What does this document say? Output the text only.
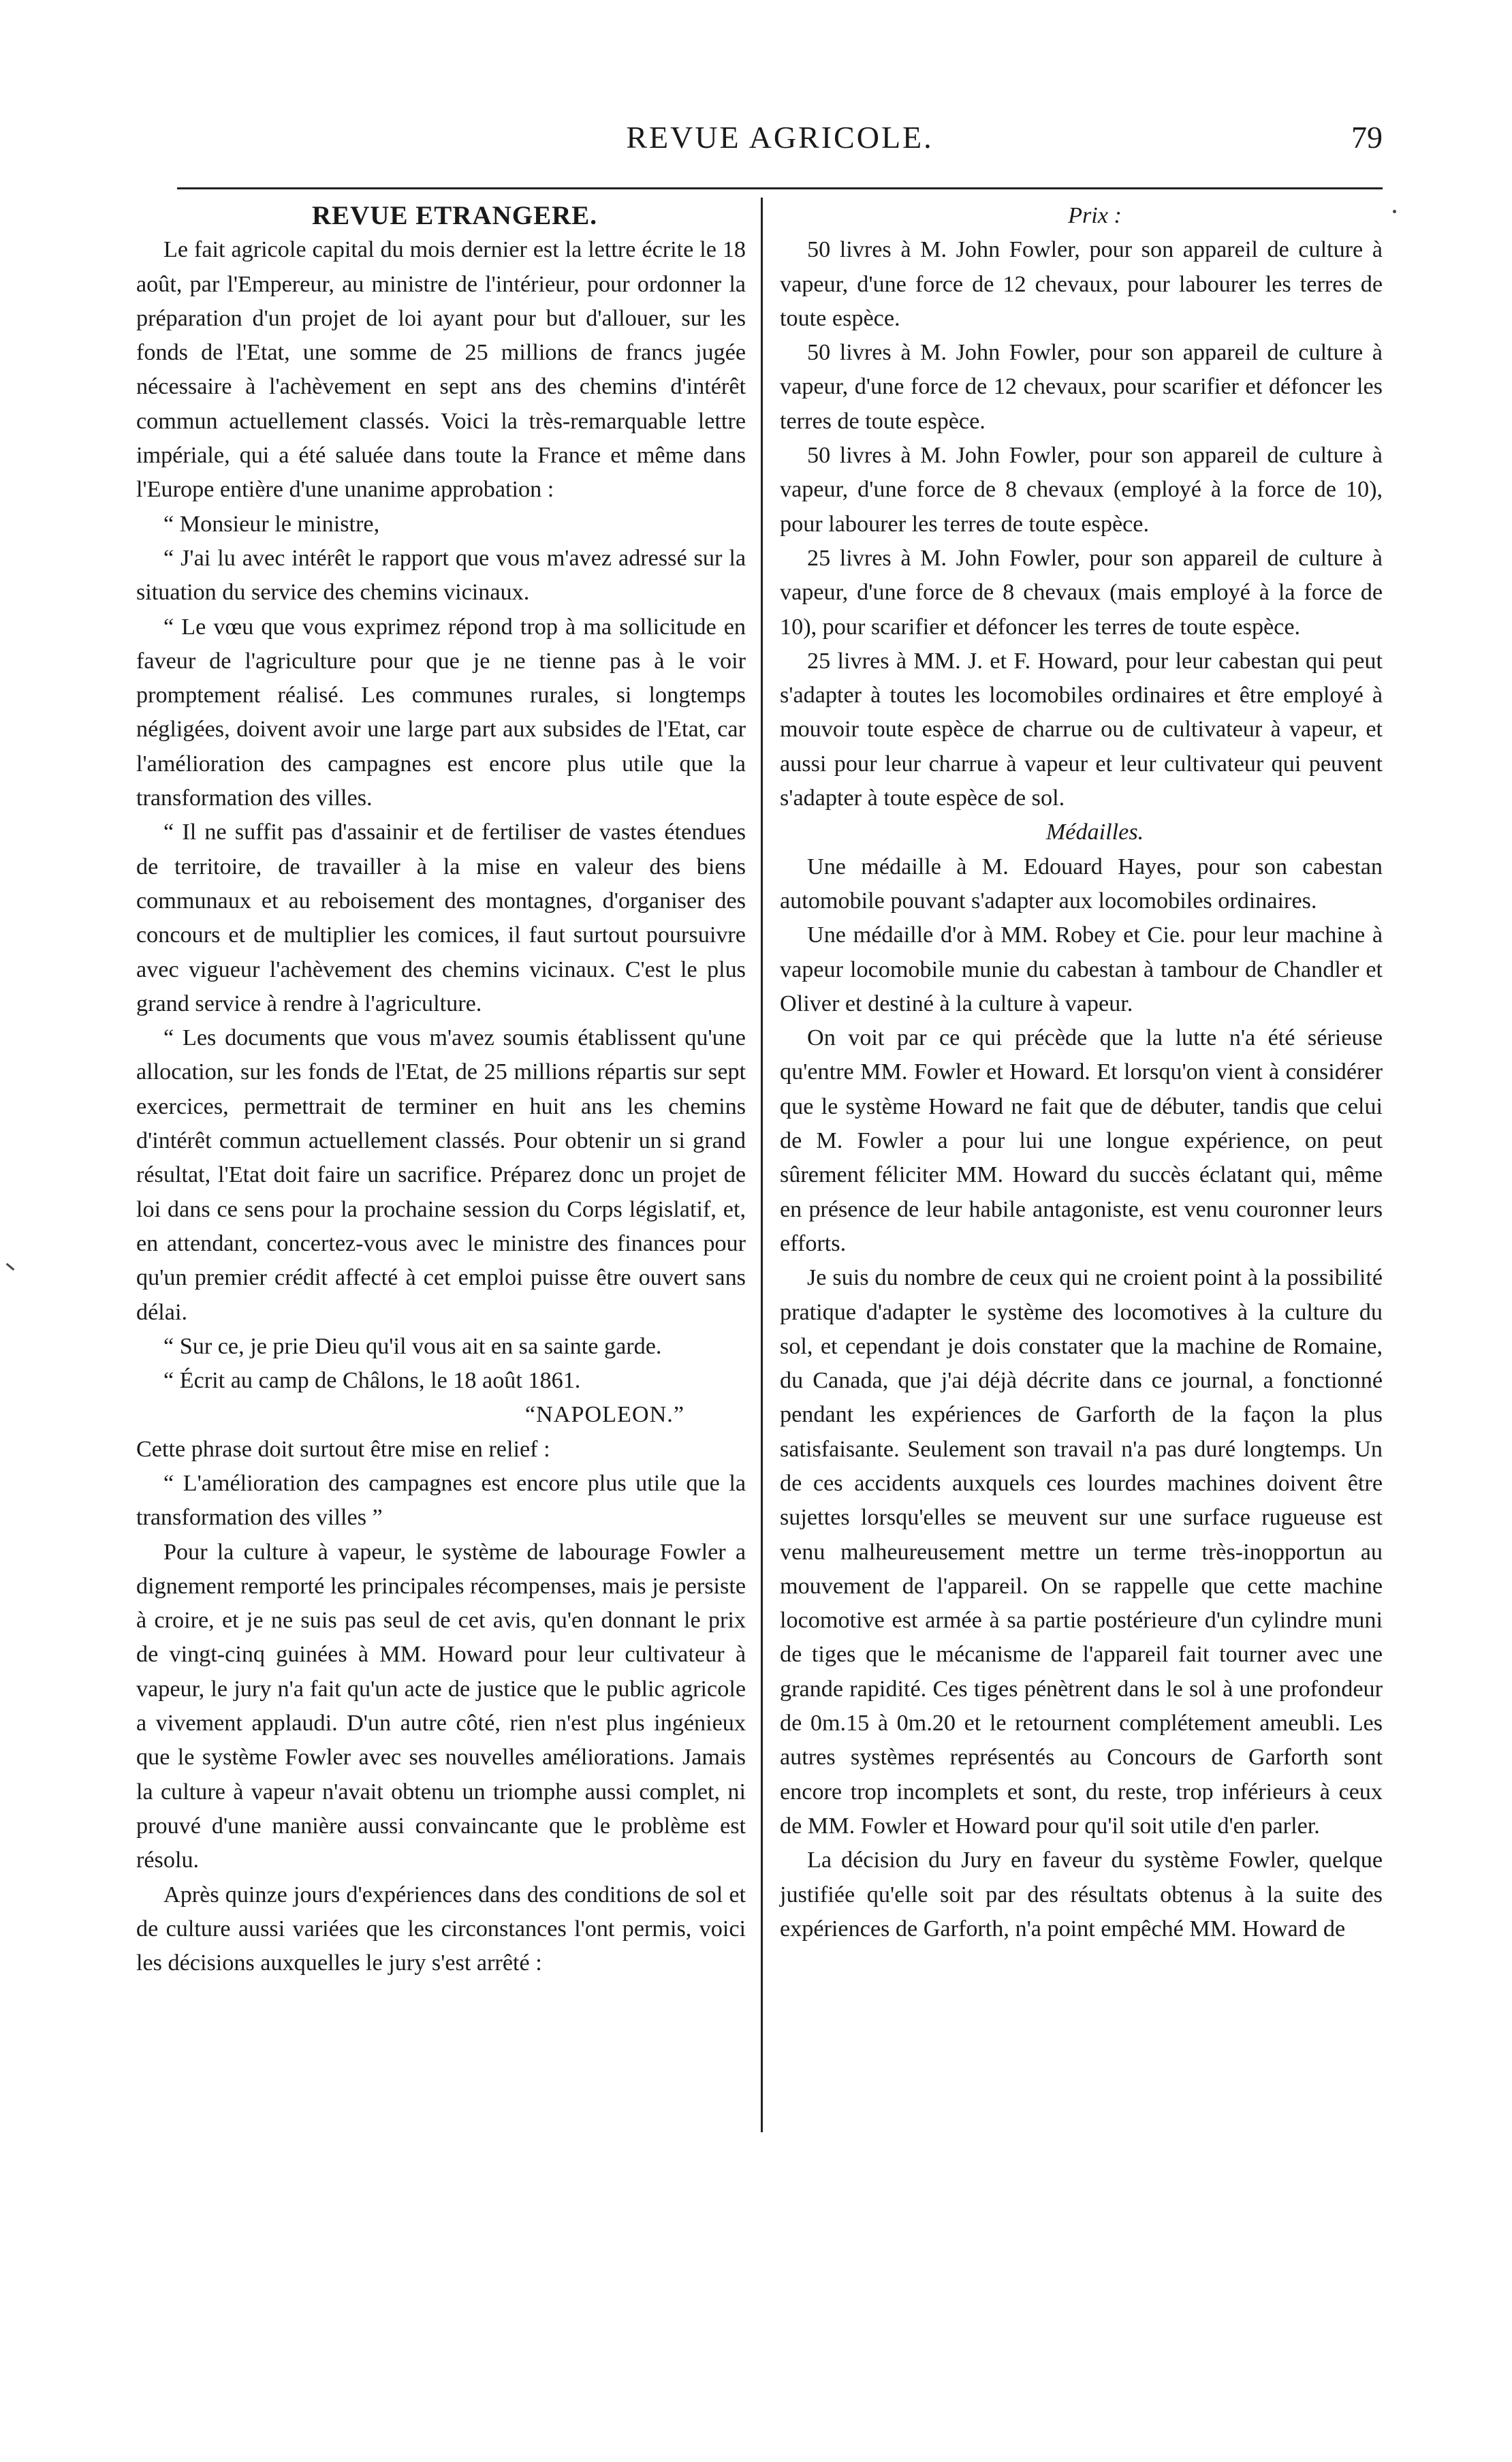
REVUE AGRICOLE.	79

REVUE ETRANGERE.

Le fait agricole capital du mois dernier est la lettre écrite le 18 août, par l'Empereur, au ministre de l'intérieur, pour ordonner la préparation d'un projet de loi ayant pour but d'allouer, sur les fonds de l'Etat, une somme de 25 millions de francs jugée nécessaire à l'achèvement en sept ans des chemins d'intérêt commun actuellement classés. Voici la très-remarquable lettre impériale, qui a été saluée dans toute la France et même dans l'Europe entière d'une unanime approbation :

“ Monsieur le ministre,

“ J'ai lu avec intérêt le rapport que vous m'avez adressé sur la situation du service des chemins vicinaux.

“ Le vœu que vous exprimez répond trop à ma sollicitude en faveur de l'agriculture pour que je ne tienne pas à le voir promptement réalisé. Les communes rurales, si longtemps négligées, doivent avoir une large part aux subsides de l'Etat, car l'amélioration des campagnes est encore plus utile que la transformation des villes.

“ Il ne suffit pas d'assainir et de fertiliser de vastes étendues de territoire, de travailler à la mise en valeur des biens communaux et au reboisement des montagnes, d'organiser des concours et de multiplier les comices, il faut surtout poursuivre avec vigueur l'achèvement des chemins vicinaux. C'est le plus grand service à rendre à l'agriculture.

“ Les documents que vous m'avez soumis établissent qu'une allocation, sur les fonds de l'Etat, de 25 millions répartis sur sept exercices, permettrait de terminer en huit ans les chemins d'intérêt commun actuellement classés. Pour obtenir un si grand résultat, l'Etat doit faire un sacrifice. Préparez donc un projet de loi dans ce sens pour la prochaine session du Corps législatif, et, en attendant, concertez-vous avec le ministre des finances pour qu'un premier crédit affecté à cet emploi puisse être ouvert sans délai.

“ Sur ce, je prie Dieu qu'il vous ait en sa sainte garde.

“ Écrit au camp de Châlons, le 18 août 1861.

“NAPOLEON.”

Cette phrase doit surtout être mise en relief :

“ L'amélioration des campagnes est encore plus utile que la transformation des villes ”

Pour la culture à vapeur, le système de labourage Fowler a dignement remporté les principales récompenses, mais je persiste à croire, et je ne suis pas seul de cet avis, qu'en donnant le prix de vingt-cinq guinées à MM. Howard pour leur cultivateur à vapeur, le jury n'a fait qu'un acte de justice que le public agricole a vivement applaudi. D'un autre côté, rien n'est plus ingénieux que le système Fowler avec ses nouvelles améliorations. Jamais la culture à vapeur n'avait obtenu un triomphe aussi complet, ni prouvé d'une manière aussi convaincante que le problème est résolu.

Après quinze jours d'expériences dans des conditions de sol et de culture aussi variées que les circonstances l'ont permis, voici les décisions auxquelles le jury s'est arrêté :

Prix :

50 livres à M. John Fowler, pour son appareil de culture à vapeur, d'une force de 12 chevaux, pour labourer les terres de toute espèce.

50 livres à M. John Fowler, pour son appareil de culture à vapeur, d'une force de 12 chevaux, pour scarifier et défoncer les terres de toute espèce.

50 livres à M. John Fowler, pour son appareil de culture à vapeur, d'une force de 8 chevaux (employé à la force de 10), pour labourer les terres de toute espèce.

25 livres à M. John Fowler, pour son appareil de culture à vapeur, d'une force de 8 chevaux (mais employé à la force de 10), pour scarifier et défoncer les terres de toute espèce.

25 livres à MM. J. et F. Howard, pour leur cabestan qui peut s'adapter à toutes les locomobiles ordinaires et être employé à mouvoir toute espèce de charrue ou de cultivateur à vapeur, et aussi pour leur charrue à vapeur et leur cultivateur qui peuvent s'adapter à toute espèce de sol.

Médailles.

Une médaille à M. Edouard Hayes, pour son cabestan automobile pouvant s'adapter aux locomobiles ordinaires.

Une médaille d'or à MM. Robey et Cie. pour leur machine à vapeur locomobile munie du cabestan à tambour de Chandler et Oliver et destiné à la culture à vapeur.

On voit par ce qui précède que la lutte n'a été sérieuse qu'entre MM. Fowler et Howard. Et lorsqu'on vient à considérer que le système Howard ne fait que de débuter, tandis que celui de M. Fowler a pour lui une longue expérience, on peut sûrement féliciter MM. Howard du succès éclatant qui, même en présence de leur habile antagoniste, est venu couronner leurs efforts.

Je suis du nombre de ceux qui ne croient point à la possibilité pratique d'adapter le système des locomotives à la culture du sol, et cependant je dois constater que la machine de Romaine, du Canada, que j'ai déjà décrite dans ce journal, a fonctionné pendant les expériences de Garforth de la façon la plus satisfaisante. Seulement son travail n'a pas duré longtemps. Un de ces accidents auxquels ces lourdes machines doivent être sujettes lorsqu'elles se meuvent sur une surface rugueuse est venu malheureusement mettre un terme très-inopportun au mouvement de l'appareil. On se rappelle que cette machine locomotive est armée à sa partie postérieure d'un cylindre muni de tiges que le mécanisme de l'appareil fait tourner avec une grande rapidité. Ces tiges pénètrent dans le sol à une profondeur de 0m.15 à 0m.20 et le retournent complétement ameubli. Les autres systèmes représentés au Concours de Garforth sont encore trop incomplets et sont, du reste, trop inférieurs à ceux de MM. Fowler et Howard pour qu'il soit utile d'en parler.

La décision du Jury en faveur du système Fowler, quelque justifiée qu'elle soit par des résultats obtenus à la suite des expériences de Garforth, n'a point empêché MM. Howard de
